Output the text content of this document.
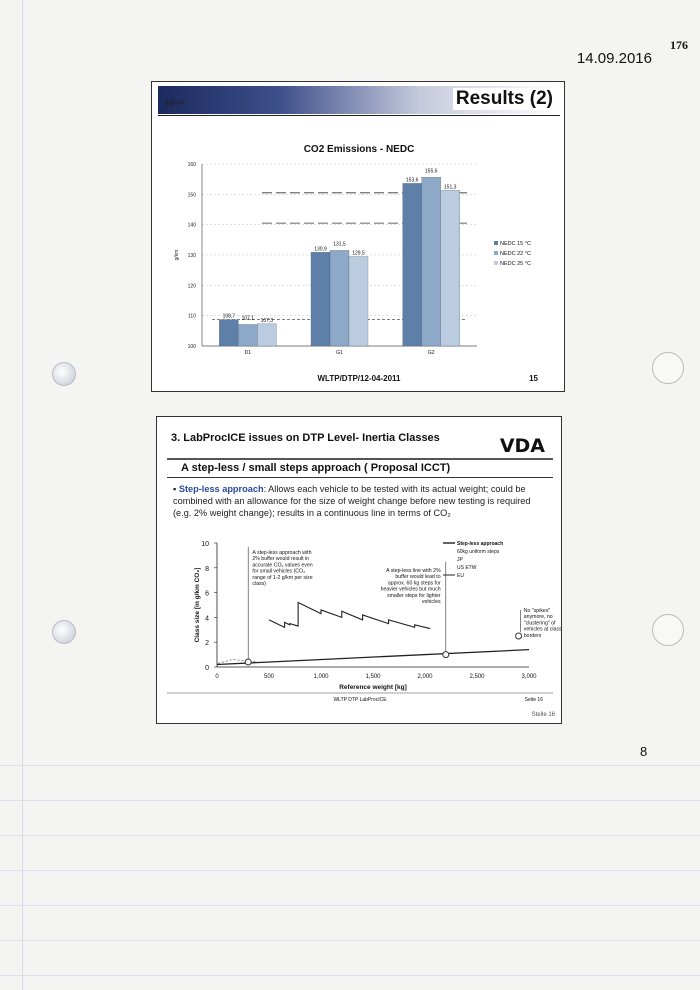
176
14.09.2016
8
ᵃ∕ıʳᵃᶜ	Results (2)
CO2 Emissions - NEDC
100
110
120
130
140
150
160
g/km
108,7 107,1 107,3
D1
130,9
131,5
129,5
G1
153,6
155,6
151,3
G2
NEDC 15 °C
NEDC 22 °C
NEDC 25 °C
WLTP/DTP/12-04-2011	15
3. LabProcICE issues on DTP Level- Inertia Classes	VDA
A step-less / small steps approach ( Proposal ICCT)
▪ Step-less approach: Allows each vehicle to be tested with its actual weight; could be combined with an allowance for the size of weight change before new testing is required (e.g. 2% weight change); results in a continuous line in terms of CO₂
0
2
4
6
8
10
0	500	1,000	1,500	2,000	2,500	3,000
Reference weight [kg]
Class size [in g/km CO₂]
A step-less approach with 2% buffer would result in accurate CO₂ values even for small vehicles (CO₂ range of 1-2 g/km per size class)
A step-less line with 2% buffer would lead to approx. 60 kg steps for heavier vehicles but much smaller steps for lighter vehicles
No "spikes" anymore, no "clustering" of vehicles at class borders
Step-less approach
60kg uniform steps
JP
US ETW
EU
WLTP DTP LabProcICE	Seite 16
Stelle 16
